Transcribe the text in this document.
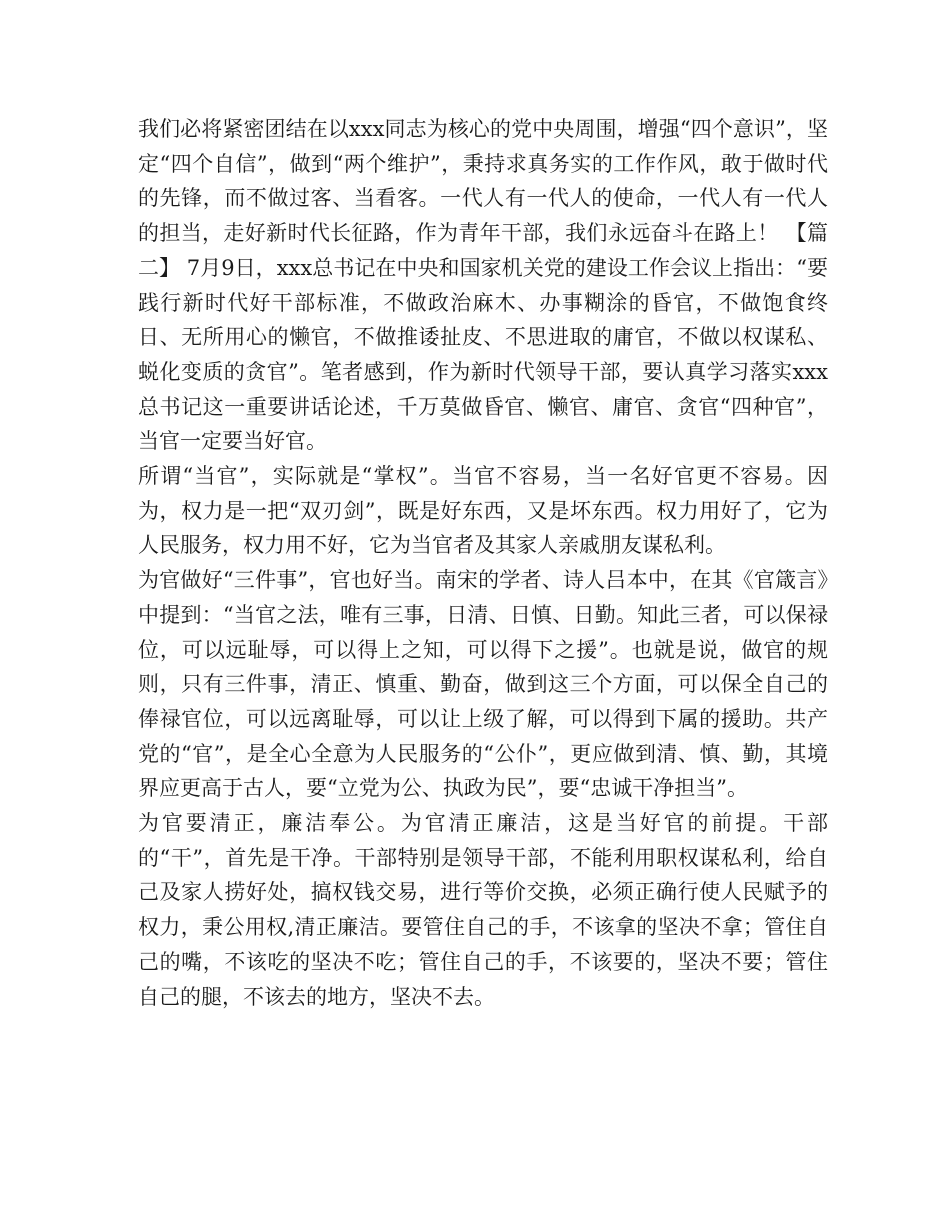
我们必将紧密团结在以xxx同志为核心的党中央周围，增强“四个意识”，坚定“四个自信”，做到“两个维护”，秉持求真务实的工作作风，敢于做时代的先锋，而不做过客、当看客。一代人有一代人的使命，一代人有一代人的担当，走好新时代长征路，作为青年干部，我们永远奋斗在路上！ 【篇二】 7月9日，xxx总书记在中央和国家机关党的建设工作会议上指出：“要践行新时代好干部标准，不做政治麻木、办事糊涂的昏官，不做饱食终日、无所用心的懒官，不做推诿扯皮、不思进取的庸官，不做以权谋私、蜕化变质的贪官”。笔者感到，作为新时代领导干部，要认真学习落实xxx总书记这一重要讲话论述，千万莫做昏官、懒官、庸官、贪官“四种官”，当官一定要当好官。

所谓“当官”，实际就是“掌权”。当官不容易，当一名好官更不容易。因为，权力是一把“双刃剑”，既是好东西，又是坏东西。权力用好了，它为人民服务，权力用不好，它为当官者及其家人亲戚朋友谋私利。

为官做好“三件事”，官也好当。南宋的学者、诗人吕本中，在其《官箴言》中提到：“当官之法，唯有三事，日清、日慎、日勤。知此三者，可以保禄位，可以远耻辱，可以得上之知，可以得下之援”。也就是说，做官的规则，只有三件事，清正、慎重、勤奋，做到这三个方面，可以保全自己的俸禄官位，可以远离耻辱，可以让上级了解，可以得到下属的援助。共产党的“官”，是全心全意为人民服务的“公仆”，更应做到清、慎、勤，其境界应更高于古人，要“立党为公、执政为民”，要“忠诚干净担当”。

为官要清正，廉洁奉公。为官清正廉洁，这是当好官的前提。干部的“干”，首先是干净。干部特别是领导干部，不能利用职权谋私利，给自己及家人捞好处，搞权钱交易，进行等价交换，必须正确行使人民赋予的权力，秉公用权,清正廉洁。要管住自己的手，不该拿的坚决不拿；管住自己的嘴，不该吃的坚决不吃；管住自己的手，不该要的，坚决不要；管住自己的腿，不该去的地方，坚决不去。
